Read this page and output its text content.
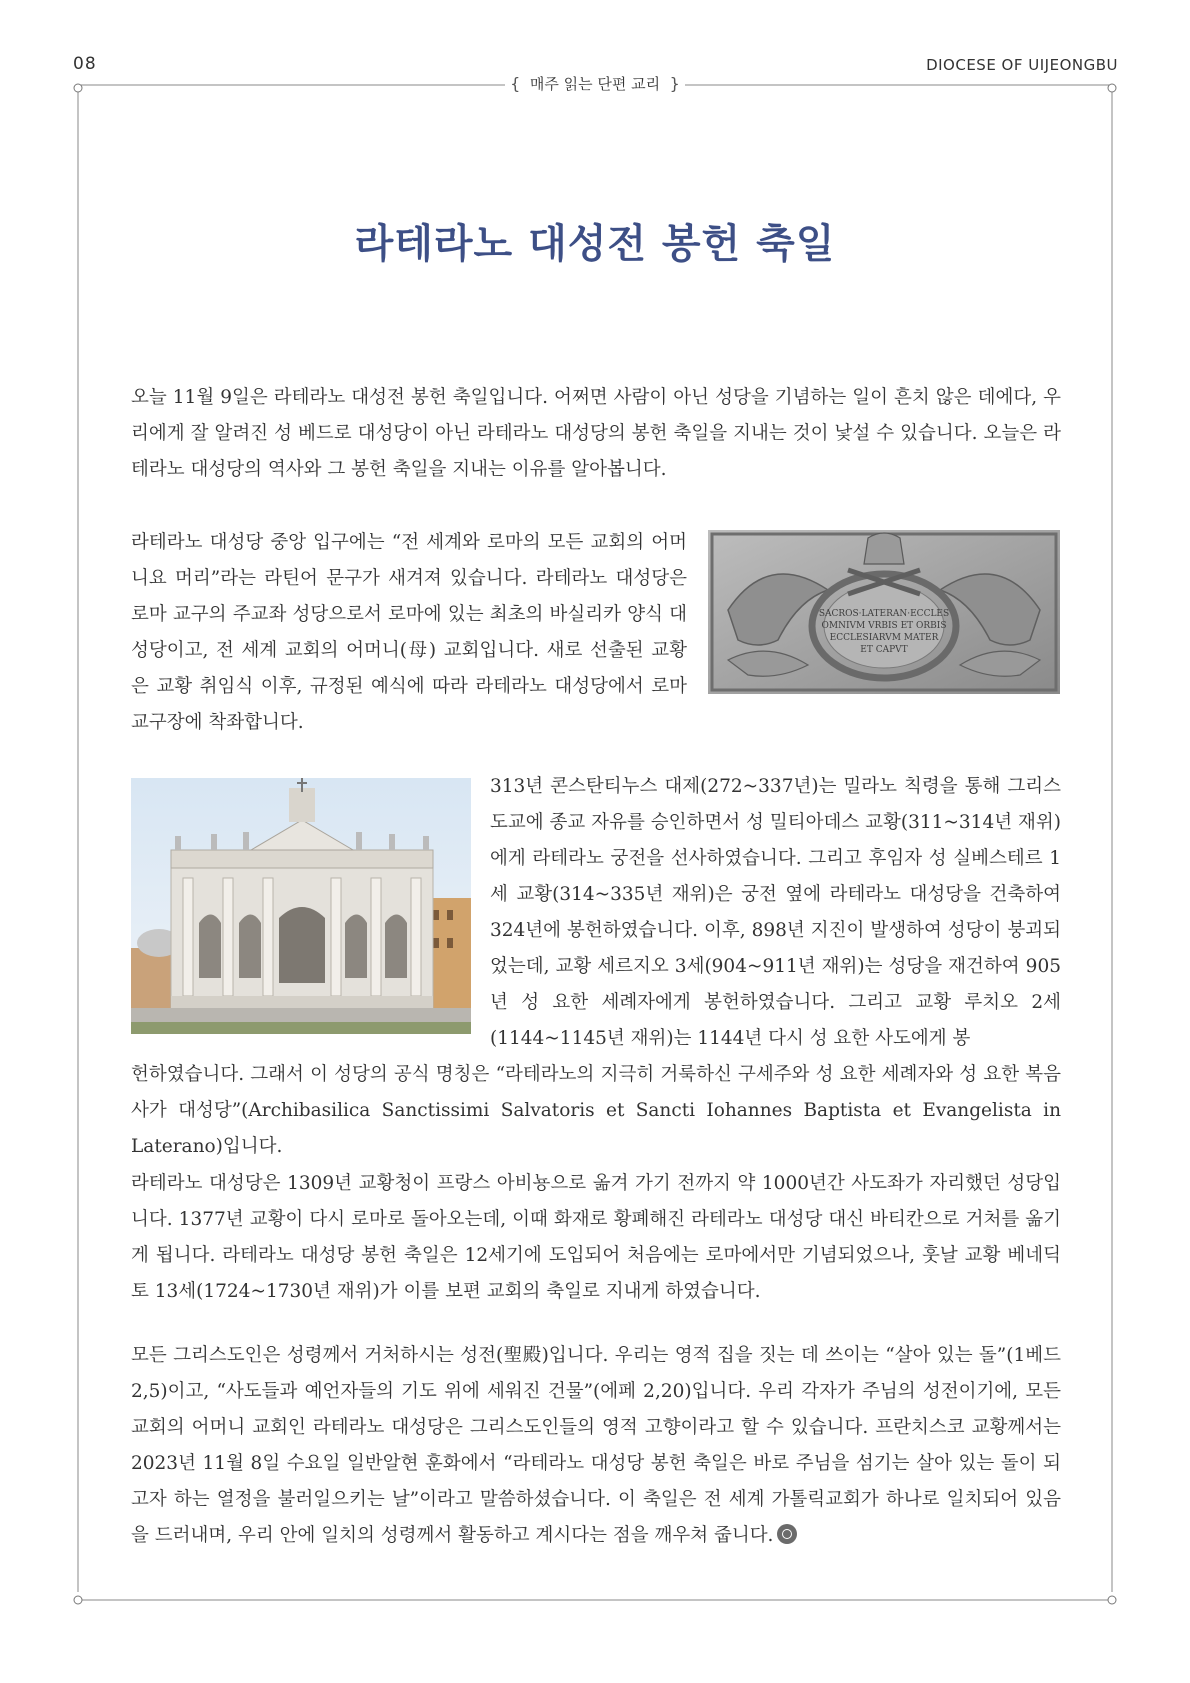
08	DIOCESE OF UIJEONGBU
{ 매주 읽는 단편 교리 }
라테라노 대성전 봉헌 축일

오늘 11월 9일은 라테라노 대성전 봉헌 축일입니다. 어쩌면 사람이 아닌 성당을 기념하는 일이 흔치 않은 데에다, 우리에게 잘 알려진 성 베드로 대성당이 아닌 라테라노 대성당의 봉헌 축일을 지내는 것이 낯설 수 있습니다. 오늘은 라테라노 대성당의 역사와 그 봉헌 축일을 지내는 이유를 알아봅니다.

라테라노 대성당 중앙 입구에는 “전 세계와 로마의 모든 교회의 어머니요 머리”라는 라틴어 문구가 새겨져 있습니다. 라테라노 대성당은 로마 교구의 주교좌 성당으로서 로마에 있는 최초의 바실리카 양식 대성당이고, 전 세계 교회의 어머니(母) 교회입니다. 새로 선출된 교황은 교황 취임식 이후, 규정된 예식에 따라 라테라노 대성당에서 로마 교구장에 착좌합니다.

SACROS·LATERAN·ECCLES
OMNIVM VRBIS ET ORBIS
ECCLESIARVM MATER
ET CAPVT

313년 콘스탄티누스 대제(272~337년)는 밀라노 칙령을 통해 그리스도교에 종교 자유를 승인하면서 성 밀티아데스 교황(311~314년 재위)에게 라테라노 궁전을 선사하였습니다. 그리고 후임자 성 실베스테르 1세 교황(314~335년 재위)은 궁전 옆에 라테라노 대성당을 건축하여 324년에 봉헌하였습니다. 이후, 898년 지진이 발생하여 성당이 붕괴되었는데, 교황 세르지오 3세(904~911년 재위)는 성당을 재건하여 905년 성 요한 세례자에게 봉헌하였습니다. 그리고 교황 루치오 2세(1144~1145년 재위)는 1144년 다시 성 요한 사도에게 봉

헌하였습니다. 그래서 이 성당의 공식 명칭은 “라테라노의 지극히 거룩하신 구세주와 성 요한 세례자와 성 요한 복음사가 대성당”(Archibasilica Sanctissimi Salvatoris et Sancti Iohannes Baptista et Evangelista in Laterano)입니다.

라테라노 대성당은 1309년 교황청이 프랑스 아비뇽으로 옮겨 가기 전까지 약 1000년간 사도좌가 자리했던 성당입니다. 1377년 교황이 다시 로마로 돌아오는데, 이때 화재로 황폐해진 라테라노 대성당 대신 바티칸으로 거처를 옮기게 됩니다. 라테라노 대성당 봉헌 축일은 12세기에 도입되어 처음에는 로마에서만 기념되었으나, 훗날 교황 베네딕토 13세(1724~1730년 재위)가 이를 보편 교회의 축일로 지내게 하였습니다.

모든 그리스도인은 성령께서 거처하시는 성전(聖殿)입니다. 우리는 영적 집을 짓는 데 쓰이는 “살아 있는 돌”(1베드 2,5)이고, “사도들과 예언자들의 기도 위에 세워진 건물”(에페 2,20)입니다. 우리 각자가 주님의 성전이기에, 모든 교회의 어머니 교회인 라테라노 대성당은 그리스도인들의 영적 고향이라고 할 수 있습니다. 프란치스코 교황께서는 2023년 11월 8일 수요일 일반알현 훈화에서 “라테라노 대성당 봉헌 축일은 바로 주님을 섬기는 살아 있는 돌이 되고자 하는 열정을 불러일으키는 날”이라고 말씀하셨습니다. 이 축일은 전 세계 가톨릭교회가 하나로 일치되어 있음을 드러내며, 우리 안에 일치의 성령께서 활동하고 계시다는 점을 깨우쳐 줍니다.
